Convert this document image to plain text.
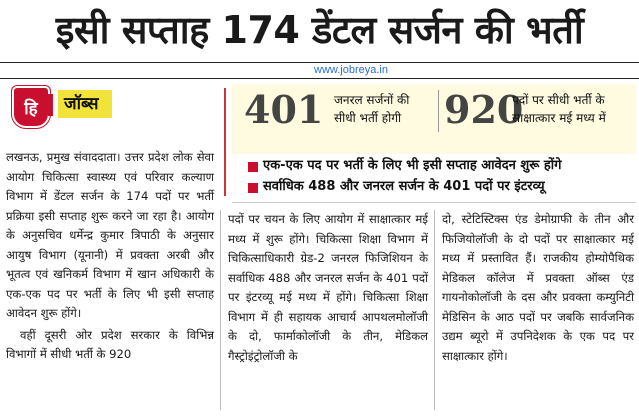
इसी सप्ताह 174 डेंटल सर्जन की भर्ती
www.jobreya.in
हि	जॉब्स	401 जनरल सर्जनों की
सीधी भर्ती होगी 920
पदों पर सीधी भर्ती के
साक्षात्कार मई मध्य में
एक-एक पद पर भर्ती के लिए भी इसी सप्ताह आवेदन शुरू होंगे
सर्वाधिक 488 और जनरल सर्जन के 401 पदों पर इंटरव्यू

लखनऊ, प्रमुख संवाददाता। उत्तर प्रदेश लोक सेवा आयोग चिकित्सा स्वास्थ्य एवं परिवार कल्याण विभाग में डेंटल सर्जन के 174 पदों पर भर्ती प्रक्रिया इसी सप्ताह शुरू करने जा रहा है। आयोग के अनुसचिव धर्मेन्द्र कुमार त्रिपाठी के अनुसार आयुष विभाग (यूनानी) में प्रवक्ता अरबी और भूतत्व एवं खनिकर्म विभाग में खान अधिकारी के एक-एक पद पर भर्ती के लिए भी इसी सप्ताह आवेदन शुरू होंगे।

वहीं दूसरी ओर प्रदेश सरकार के विभिन्न विभागों में सीधी भर्ती के 920

पदों पर चयन के लिए आयोग में साक्षात्कार मई मध्य में शुरू होंगे। चिकित्सा शिक्षा विभाग में चिकित्साधिकारी ग्रेड-2 जनरल फिजिशियन के सर्वाधिक 488 और जनरल सर्जन के 401 पदों पर इंटरव्यू मई मध्य में होंगे। चिकित्सा शिक्षा विभाग में ही सहायक आचार्य आपथलमोलॉजी के दो, फार्माकोलॉजी के तीन, मेडिकल गैस्ट्रोइंट्रोलॉजी के

दो, स्टेटिस्टिक्स एंड डेमोग्राफी के तीन और फिजियोलॉजी के दो पदों पर साक्षात्कार मई मध्य में प्रस्तावित हैं। राजकीय होम्योपैथिक मेडिकल कॉलेज में प्रवक्ता ऑब्स एंड गायनोकोलॉजी के दस और प्रवक्ता कम्युनिटी मेडिसिन के आठ पदों पर जबकि सार्वजनिक उद्यम ब्यूरो में उपनिदेशक के एक पद पर साक्षात्कार होंगे।
